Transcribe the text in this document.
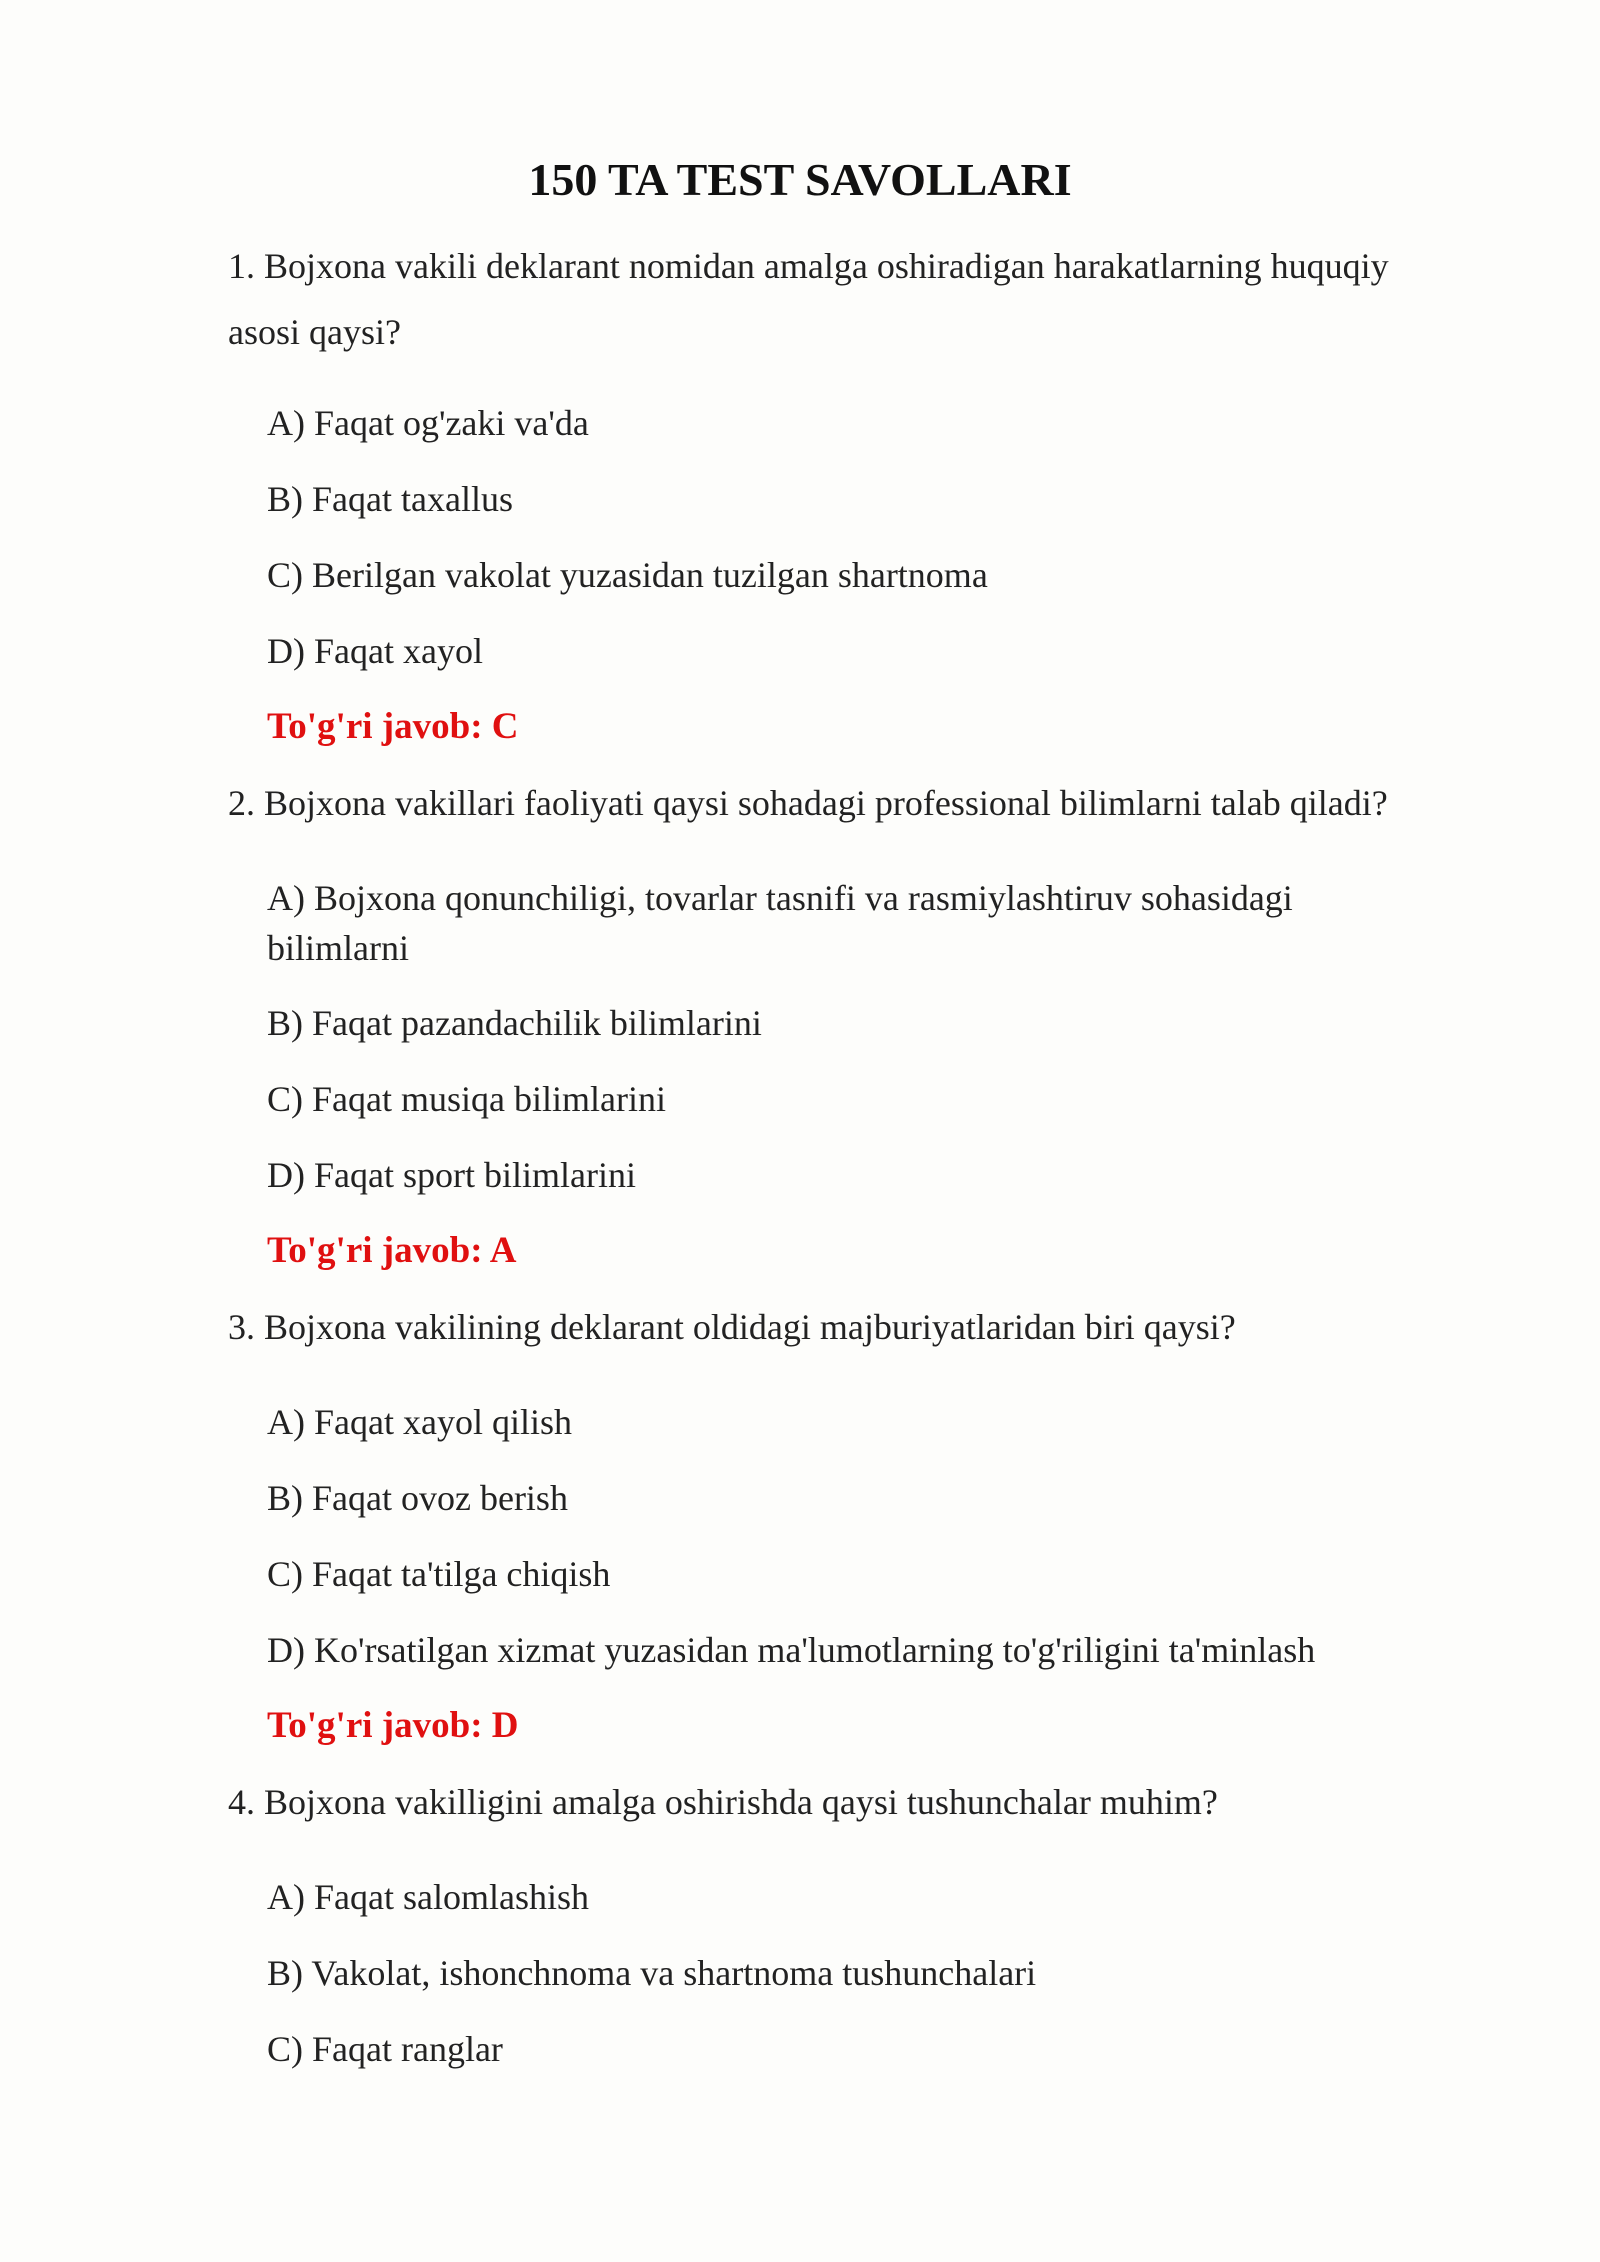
150 TA TEST SAVOLLARI
1. Bojxona vakili deklarant nomidan amalga oshiradigan harakatlarning huquqiy asosi qaysi?
A) Faqat og'zaki va'da
B) Faqat taxallus
C) Berilgan vakolat yuzasidan tuzilgan shartnoma
D) Faqat xayol
To'g'ri javob: C
2. Bojxona vakillari faoliyati qaysi sohadagi professional bilimlarni talab qiladi?
A) Bojxona qonunchiligi, tovarlar tasnifi va rasmiylashtiruv sohasidagi bilimlarni
B) Faqat pazandachilik bilimlarini
C) Faqat musiqa bilimlarini
D) Faqat sport bilimlarini
To'g'ri javob: A
3. Bojxona vakilining deklarant oldidagi majburiyatlaridan biri qaysi?
A) Faqat xayol qilish
B) Faqat ovoz berish
C) Faqat ta'tilga chiqish
D) Ko'rsatilgan xizmat yuzasidan ma'lumotlarning to'g'riligini ta'minlash
To'g'ri javob: D
4. Bojxona vakilligini amalga oshirishda qaysi tushunchalar muhim?
A) Faqat salomlashish
B) Vakolat, ishonchnoma va shartnoma tushunchalari
C) Faqat ranglar
